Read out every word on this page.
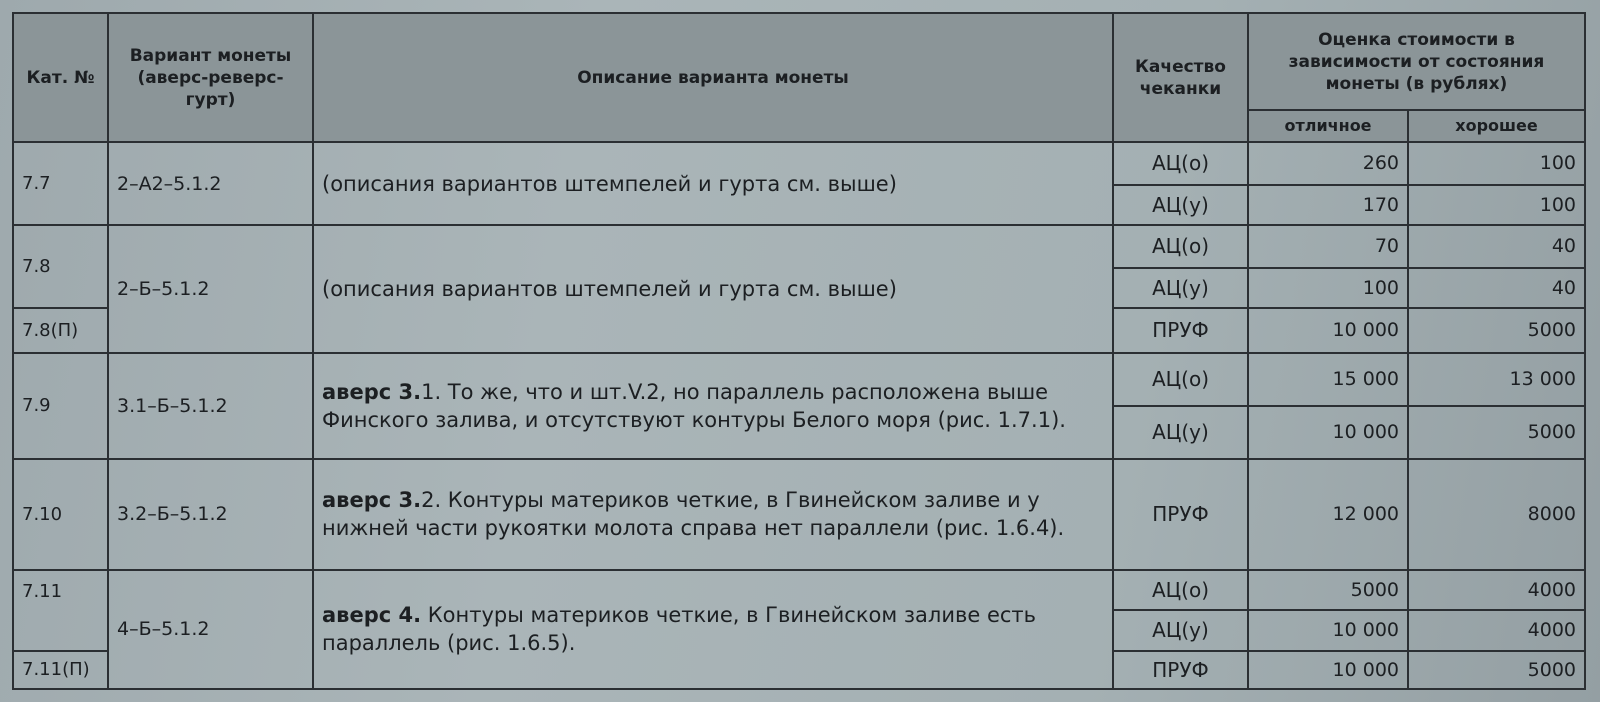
Кат. №	Вариант монеты (аверс-реверс-гурт)	Описание варианта монеты	Качество чеканки	Оценка стоимости в зависимости от состояния монеты (в рублях)	
				отличное	хорошее
7.7	2–А2–5.1.2	(описания вариантов штемпелей и гурта см. выше)	АЦ(о)	260	100
			АЦ(у)	170	100
7.8	2–Б–5.1.2	(описания вариантов штемпелей и гурта см. выше)	АЦ(о)	70	40
			АЦ(у)	100	40
7.8(П)			ПРУФ	10 000	5000
7.9	3.1–Б–5.1.2	аверс 3.1. То же, что и шт.V.2, но параллель расположена выше Финского залива, и отсутствуют контуры Белого моря (рис. 1.7.1).	АЦ(о)	15 000	13 000
			АЦ(у)	10 000	5000
7.10	3.2–Б–5.1.2	аверс 3.2. Контуры материков четкие, в Гвинейском заливе и у нижней части рукоятки молота справа нет параллели (рис. 1.6.4).	ПРУФ	12 000	8000
7.11	4–Б–5.1.2	аверс 4. Контуры материков четкие, в Гвинейском заливе есть параллель (рис. 1.6.5).	АЦ(о)	5000	4000
			АЦ(у)	10 000	4000
7.11(П)			ПРУФ	10 000	5000
